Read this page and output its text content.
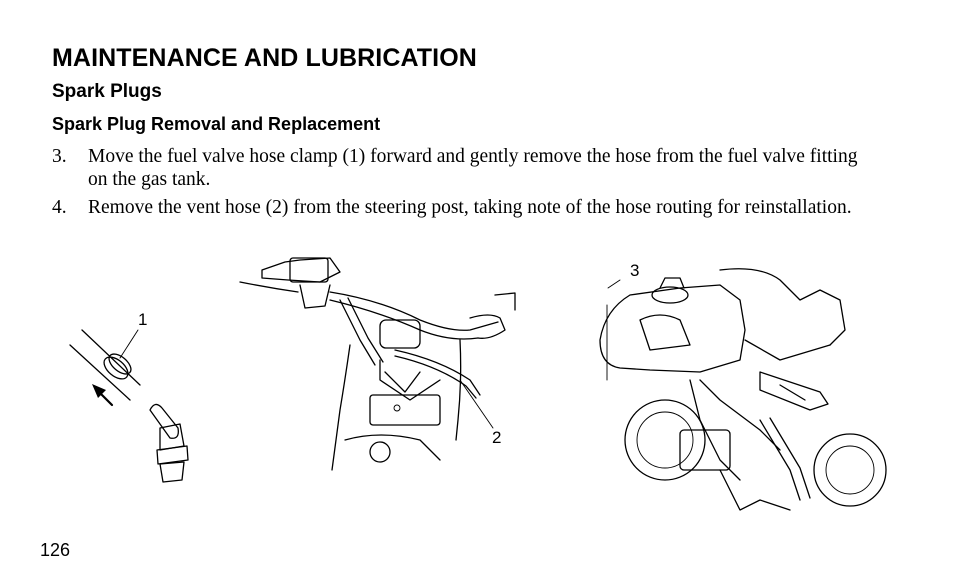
MAINTENANCE AND LUBRICATION
Spark Plugs
Spark Plug Removal and Replacement
3. Move the fuel valve hose clamp (1) forward and gently remove the hose from the fuel valve fitting on the gas tank.
4. Remove the vent hose (2) from the steering post, taking note of the hose routing for reinstallation.
1
2
3
126
